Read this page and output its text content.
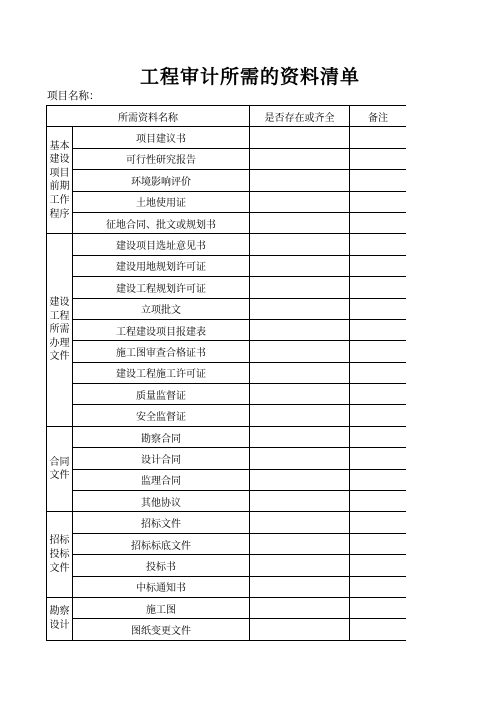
工程审计所需的资料清单
项目名称：
所需资料名称		是否存在或齐全	备注
基本建设项目前期工作程序	项目建议书		
	可行性研究报告		
	环境影响评价		
	土地使用证		
	征地合同、批文或规划书		
建设工程所需办理文件	建设项目选址意见书		
	建设用地规划许可证		
	建设工程规划许可证		
	立项批文		
	工程建设项目报建表		
	施工图审查合格证书		
	建设工程施工许可证		
	质量监督证		
	安全监督证		
合同文件	勘察合同		
	设计合同		
	监理合同		
	其他协议		
招标投标文件	招标文件		
	招标标底文件		
	投标书		
	中标通知书		
勘察设计	施工图		
	图纸变更文件		
